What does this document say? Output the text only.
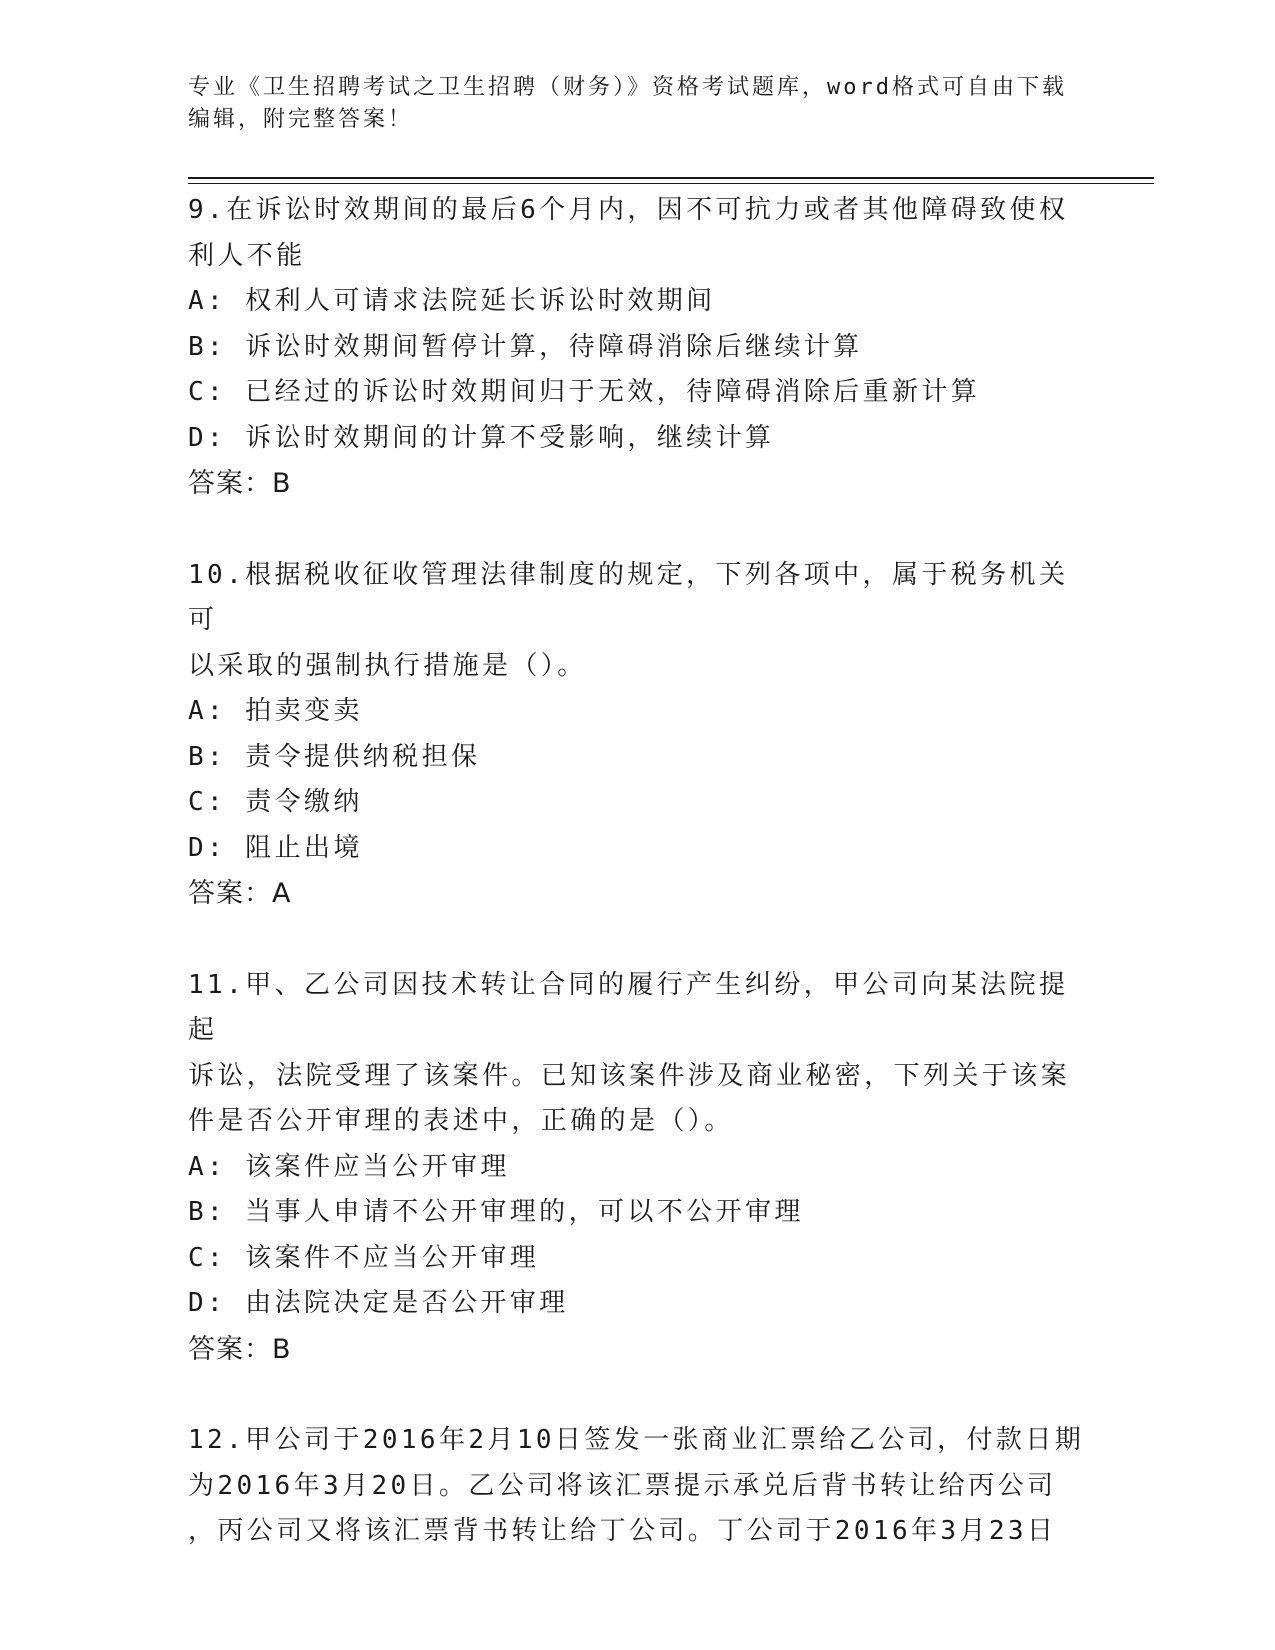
专业《卫生招聘考试之卫生招聘（财务）》资格考试题库，word格式可自由下载
编辑，附完整答案！

9.在诉讼时效期间的最后6个月内，因不可抗力或者其他障碍致使权

利人不能

A: 权利人可请求法院延长诉讼时效期间

B: 诉讼时效期间暂停计算，待障碍消除后继续计算

C: 已经过的诉讼时效期间归于无效，待障碍消除后重新计算

D: 诉讼时效期间的计算不受影响，继续计算

答案：B

10.根据税收征收管理法律制度的规定，下列各项中，属于税务机关可

以采取的强制执行措施是（）。

A: 拍卖变卖

B: 责令提供纳税担保

C: 责令缴纳

D: 阻止出境

答案：A

11.甲、乙公司因技术转让合同的履行产生纠纷，甲公司向某法院提起

诉讼，法院受理了该案件。已知该案件涉及商业秘密，下列关于该案

件是否公开审理的表述中，正确的是（）。

A: 该案件应当公开审理

B: 当事人申请不公开审理的，可以不公开审理

C: 该案件不应当公开审理

D: 由法院决定是否公开审理

答案：B

12.甲公司于2016年2月10日签发一张商业汇票给乙公司，付款日期

为2016年3月20日。乙公司将该汇票提示承兑后背书转让给丙公司

，丙公司又将该汇票背书转让给丁公司。丁公司于2016年3月23日
